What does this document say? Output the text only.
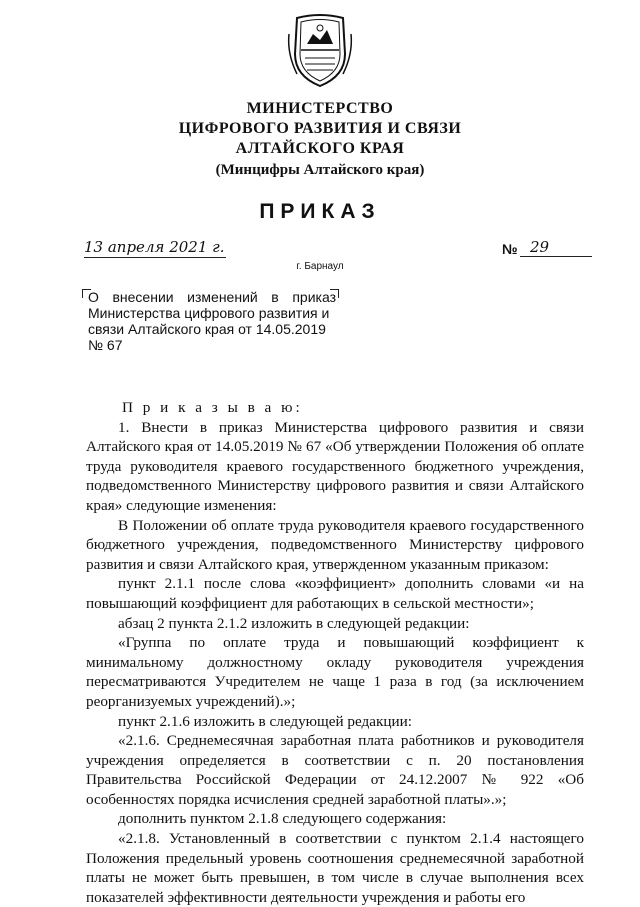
МИНИСТЕРСТВО
ЦИФРОВОГО РАЗВИТИЯ И СВЯЗИ
АЛТАЙСКОГО КРАЯ
(Минцифры Алтайского края)
ПРИКАЗ
13 апреля 2021 г.	№ 29
г. Барнаул

О внесении изменений в приказ

Министерства цифрового развития и

связи Алтайского края от 14.05.2019

№ 67

П р и к а з ы в а ю:

1. Внести в приказ Министерства цифрового развития и связи Алтайского края от 14.05.2019 № 67 «Об утверждении Положения об оплате труда руководителя краевого государственного бюджетного учреждения, подведомственного Министерству цифрового развития и связи Алтайского края» следующие изменения:

В Положении об оплате труда руководителя краевого государственного бюджетного учреждения, подведомственного Министерству цифрового развития и связи Алтайского края, утвержденном указанным приказом:

пункт 2.1.1 после слова «коэффициент» дополнить словами «и на повышающий коэффициент для работающих в сельской местности»;

абзац 2 пункта 2.1.2 изложить в следующей редакции:

«Группа по оплате труда и повышающий коэффициент к минимальному должностному окладу руководителя учреждения пересматриваются Учредителем не чаще 1 раза в год (за исключением реорганизуемых учреждений).»;

пункт 2.1.6 изложить в следующей редакции:

«2.1.6. Среднемесячная заработная плата работников и руководителя учреждения определяется в соответствии с п. 20 постановления Правительства Российской Федерации от 24.12.2007 № 922 «Об особенностях порядка исчисления средней заработной платы».»;

дополнить пунктом 2.1.8 следующего содержания:

«2.1.8. Установленный в соответствии с пунктом 2.1.4 настоящего Положения предельный уровень соотношения среднемесячной заработной платы не может быть превышен, в том числе в случае выполнения всех показателей эффективности деятельности учреждения и работы его
